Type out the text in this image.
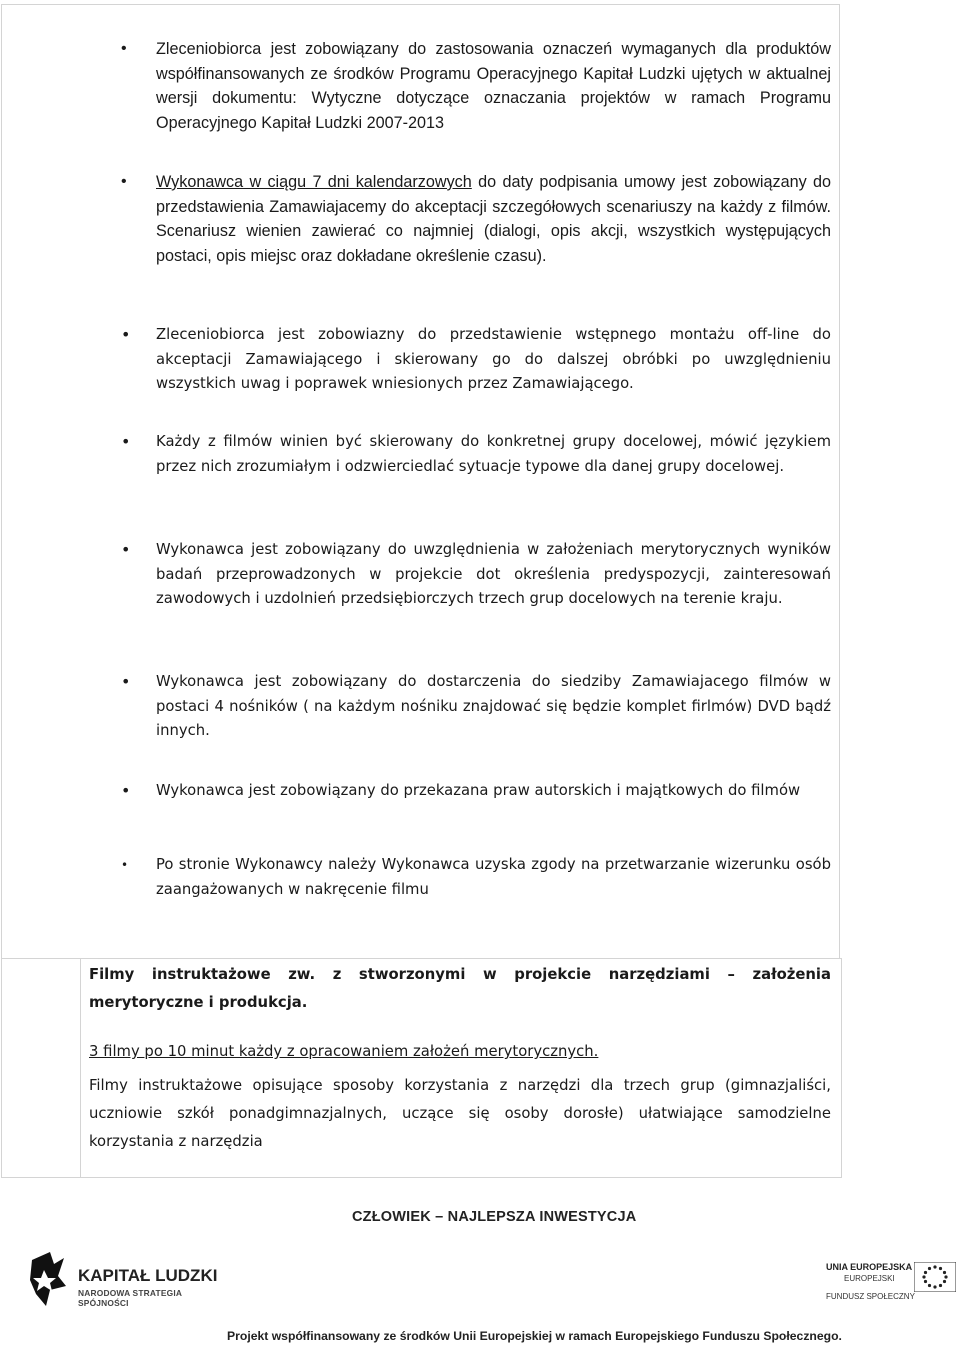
•	Zleceniobiorca jest zobowiązany do zastosowania oznaczeń wymaganych dla produktów współfinansowanych ze środków Programu Operacyjnego Kapitał Ludzki ujętych w aktualnej wersji dokumentu: Wytyczne dotyczące oznaczania projektów w ramach Programu Operacyjnego Kapitał Ludzki 2007-2013
•	Wykonawca w ciągu 7 dni kalendarzowych do daty podpisania umowy jest zobowiązany do przedstawienia Zamawiajacemy do akceptacji szczegółowych scenariuszy na każdy z filmów. Scenariusz wienien zawierać co najmniej (dialogi, opis akcji, wszystkich występujących postaci, opis miejsc oraz dokładane określenie czasu).
•	Zleceniobiorca jest zobowiazny do przedstawienie wstępnego montażu off-line do akceptacji Zamawiającego i skierowany go do dalszej obróbki po uwzględnieniu wszystkich uwag i poprawek wniesionych przez Zamawiającego.
•	Każdy z filmów winien być skierowany do konkretnej grupy docelowej, mówić językiem przez nich zrozumiałym i odzwierciedlać sytuacje typowe dla danej grupy docelowej.
•	Wykonawca jest zobowiązany do uwzględnienia w założeniach merytorycznych wyników badań przeprowadzonych w projekcie dot określenia predyspozycji, zainteresowań zawodowych i uzdolnień przedsiębiorczych trzech grup docelowych na terenie kraju.
•	Wykonawca jest zobowiązany do dostarczenia do siedziby Zamawiajacego filmów w postaci 4 nośników ( na każdym nośniku znajdować się będzie komplet firlmów) DVD bądź innych.
•	Wykonawca jest zobowiązany do przekazana praw autorskich i majątkowych do filmów
•	Po stronie Wykonawcy należy Wykonawca uzyska zgody na przetwarzanie wizerunku osób zaangażowanych w nakręcenie filmu

Filmy instruktażowe zw. z stworzonymi w projekcie narzędziami – założenia merytoryczne i produkcja.

3 filmy po 10 minut każdy z opracowaniem założeń merytorycznych.

Filmy instruktażowe opisujące sposoby korzystania z narzędzi dla trzech grup (gimnazjaliści, uczniowie szkół ponadgimnazjalnych, uczące się osoby dorosłe) ułatwiające samodzielne korzystania z narzędzia

CZŁOWIEK – NAJLEPSZA INWESTYCJA
KAPITAŁ LUDZKI
NARODOWA STRATEGIA SPÓJNOŚCI
UNIA EUROPEJSKA
EUROPEJSKI
FUNDUSZ SPOŁECZNY
Projekt współfinansowany ze środków Unii Europejskiej w ramach Europejskiego Funduszu Społecznego.
